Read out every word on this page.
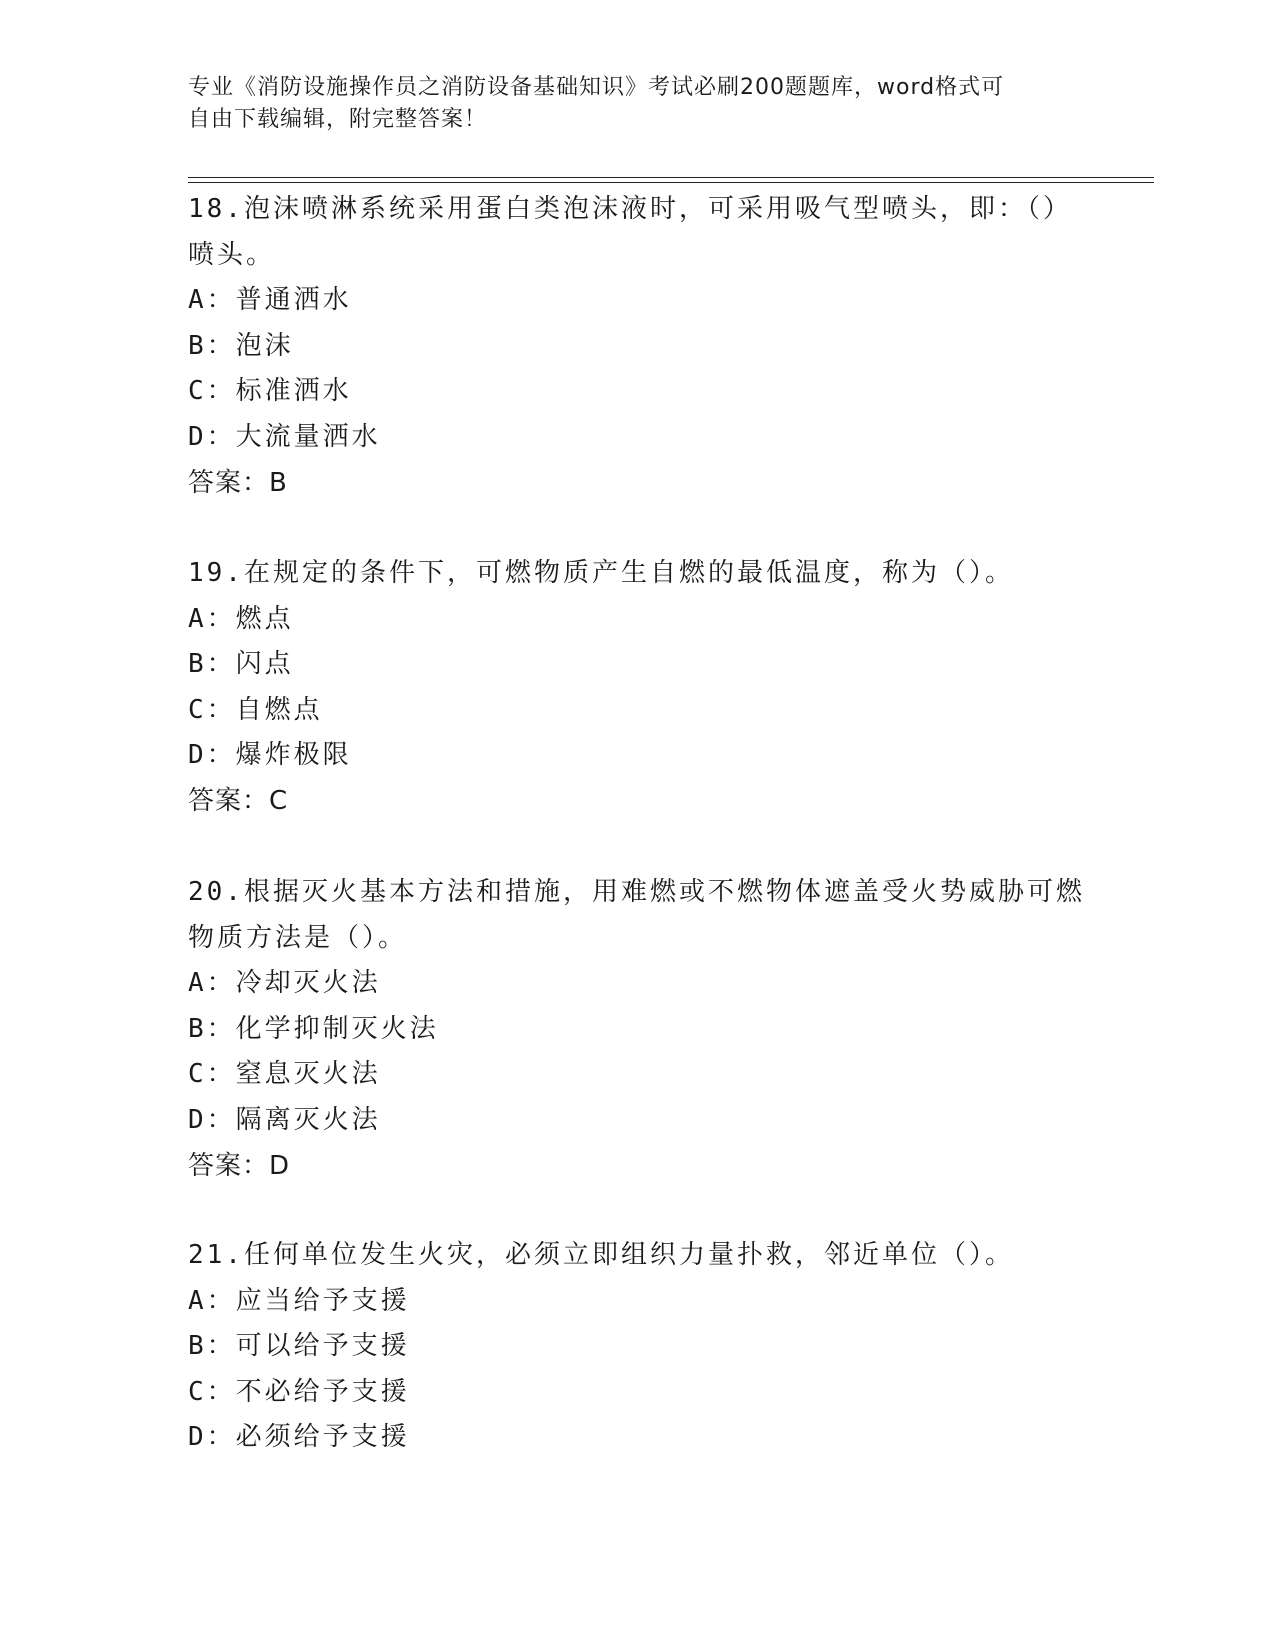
专业《消防设施操作员之消防设备基础知识》考试必刷200题题库，word格式可
自由下载编辑，附完整答案！
18.泡沫喷淋系统采用蛋白类泡沫液时，可采用吸气型喷头，即：（）
喷头。
A：普通洒水
B：泡沫
C：标准洒水
D：大流量洒水
答案：B
19.在规定的条件下，可燃物质产生自燃的最低温度，称为（）。
A：燃点
B：闪点
C：自燃点
D：爆炸极限
答案：C
20.根据灭火基本方法和措施，用难燃或不燃物体遮盖受火势威胁可燃
物质方法是（）。
A：冷却灭火法
B：化学抑制灭火法
C：窒息灭火法
D：隔离灭火法
答案：D
21.任何单位发生火灾，必须立即组织力量扑救，邻近单位（）。
A：应当给予支援
B：可以给予支援
C：不必给予支援
D：必须给予支援
